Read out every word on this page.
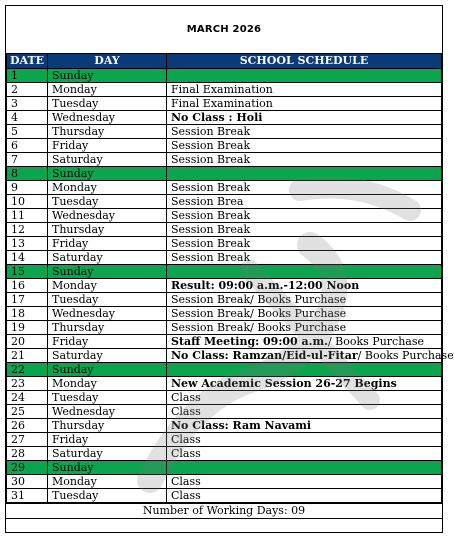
MARCH 2026
DATE	DAY	SCHOOL SCHEDULE
1	Sunday	
2	Monday	Final Examination
3	Tuesday	Final Examination
4	Wednesday	No Class : Holi
5	Thursday	Session Break
6	Friday	Session Break
7	Saturday	Session Break
8	Sunday	
9	Monday	Session Break
10	Tuesday	Session Brea
11	Wednesday	Session Break
12	Thursday	Session Break
13	Friday	Session Break
14	Saturday	Session Break
15	Sunday	
16	Monday	Result: 09:00 a.m.-12:00 Noon
17	Tuesday	Session Break/ Books Purchase
18	Wednesday	Session Break/ Books Purchase
19	Thursday	Session Break/ Books Purchase
20	Friday	Staff Meeting: 09:00 a.m./ Books Purchase
21	Saturday	No Class: Ramzan/Eid-ul-Fitar/ Books Purchase
22	Sunday	
23	Monday	New Academic Session 26-27 Begins
24	Tuesday	Class
25	Wednesday	Class
26	Thursday	No Class: Ram Navami
27	Friday	Class
28	Saturday	Class
29	Sunday	
30	Monday	Class
31	Tuesday	Class
Number of Working Days: 09
